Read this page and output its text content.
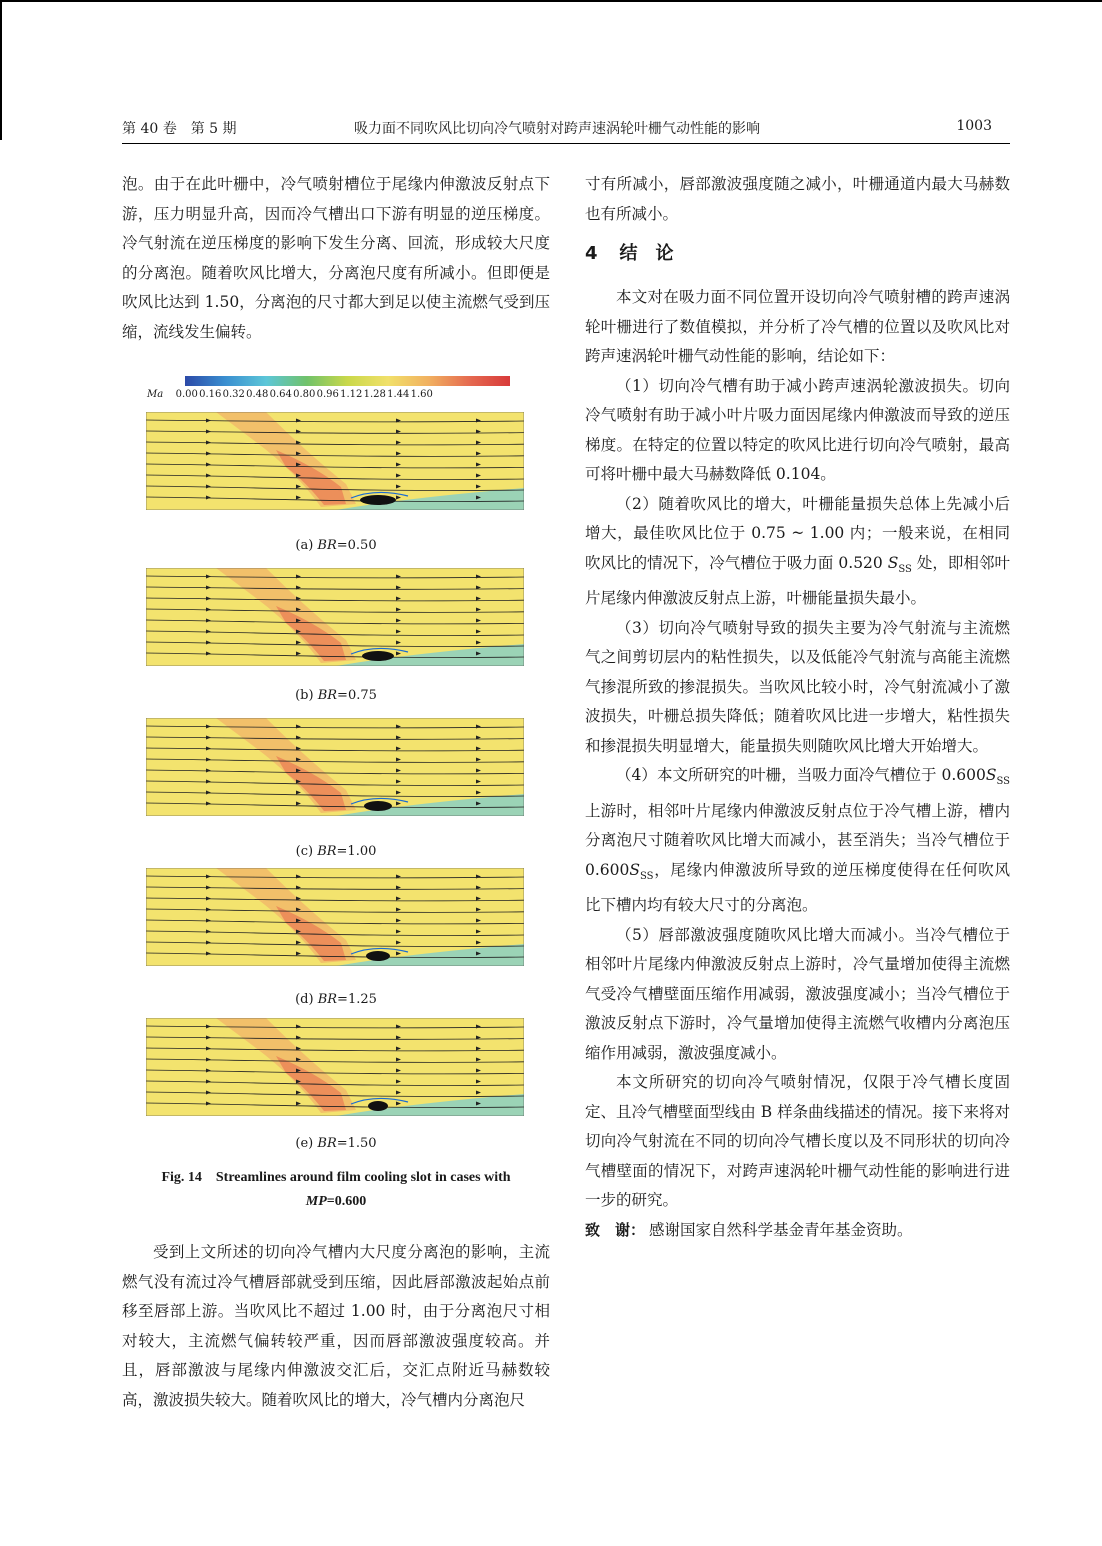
第 40 卷　第 5 期	吸力面不同吹风比切向冷气喷射对跨声速涡轮叶栅气动性能的影响	1003

泡。由于在此叶栅中，冷气喷射槽位于尾缘内伸激波反射点下游，压力明显升高，因而冷气槽出口下游有明显的逆压梯度。冷气射流在逆压梯度的影响下发生分离、回流，形成较大尺度的分离泡。随着吹风比增大，分离泡尺度有所减小。但即便是吹风比达到 1.50，分离泡的尺寸都大到足以使主流燃气受到压缩，流线发生偏转。

Ma	0.00 0.16 0.32 0.48 0.64 0.80 0.96 1.12 1.28 1.44 1.60
(a) BR=0.50
(b) BR=0.75
(c) BR=1.00
(d) BR=1.25
(e) BR=1.50
Fig. 14　Streamlines around film cooling slot in cases with
MP=0.600

受到上文所述的切向冷气槽内大尺度分离泡的影响，主流燃气没有流过冷气槽唇部就受到压缩，因此唇部激波起始点前移至唇部上游。当吹风比不超过 1.00 时，由于分离泡尺寸相对较大，主流燃气偏转较严重，因而唇部激波强度较高。并且，唇部激波与尾缘内伸激波交汇后，交汇点附近马赫数较高，激波损失较大。随着吹风比的增大，冷气槽内分离泡尺

寸有所减小，唇部激波强度随之减小，叶栅通道内最大马赫数也有所减小。

4 结　论

本文对在吸力面不同位置开设切向冷气喷射槽的跨声速涡轮叶栅进行了数值模拟，并分析了冷气槽的位置以及吹风比对跨声速涡轮叶栅气动性能的影响，结论如下：

（1）切向冷气槽有助于减小跨声速涡轮激波损失。切向冷气喷射有助于减小叶片吸力面因尾缘内伸激波而导致的逆压梯度。在特定的位置以特定的吹风比进行切向冷气喷射，最高可将叶栅中最大马赫数降低 0.104。

（2）随着吹风比的增大，叶栅能量损失总体上先减小后增大，最佳吹风比位于 0.75 ~ 1.00 内；一般来说，在相同吹风比的情况下，冷气槽位于吸力面 0.520 $S_{SS}$ 处，即相邻叶片尾缘内伸激波反射点上游，叶栅能量损失最小。

（3）切向冷气喷射导致的损失主要为冷气射流与主流燃气之间剪切层内的粘性损失，以及低能冷气射流与高能主流燃气掺混所致的掺混损失。当吹风比较小时，冷气射流减小了激波损失，叶栅总损失降低；随着吹风比进一步增大，粘性损失和掺混损失明显增大，能量损失则随吹风比增大开始增大。

（4）本文所研究的叶栅，当吸力面冷气槽位于 $0.600S_{SS}$ 上游时，相邻叶片尾缘内伸激波反射点位于冷气槽上游，槽内分离泡尺寸随着吹风比增大而减小，甚至消失；当冷气槽位于 $0.600S_{SS}$，尾缘内伸激波所导致的逆压梯度使得在任何吹风比下槽内均有较大尺寸的分离泡。

（5）唇部激波强度随吹风比增大而减小。当冷气槽位于相邻叶片尾缘内伸激波反射点上游时，冷气量增加使得主流燃气受冷气槽壁面压缩作用减弱，激波强度减小；当冷气槽位于激波反射点下游时，冷气量增加使得主流燃气收槽内分离泡压缩作用减弱，激波强度减小。

本文所研究的切向冷气喷射情况，仅限于冷气槽长度固定、且冷气槽壁面型线由 B 样条曲线描述的情况。接下来将对切向冷气射流在不同的切向冷气槽长度以及不同形状的切向冷气槽壁面的情况下，对跨声速涡轮叶栅气动性能的影响进行进一步的研究。

致　谢： 感谢国家自然科学基金青年基金资助。
